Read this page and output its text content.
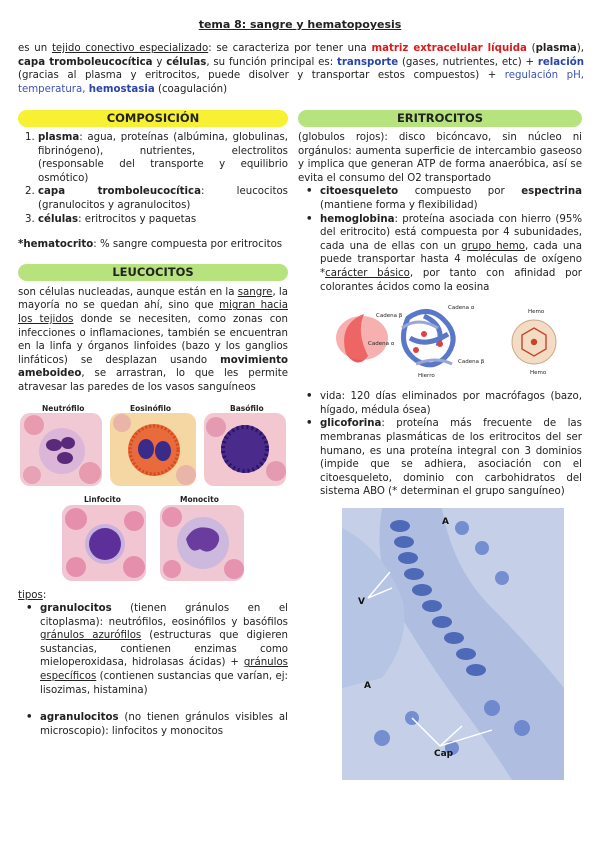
tema 8: sangre y hematopoyesis
es un tejido conectivo especializado: se caracteriza por tener una matriz extracelular líquida (plasma), capa tromboleucocítica y células, su función principal es: transporte (gases, nutrientes, etc) + relación (gracias al plasma y eritrocitos, puede disolver y transportar estos compuestos) + regulación pH, temperatura, hemostasia (coagulación)
COMPOSICIÓN
1. plasma: agua, proteínas (albúmina, globulinas, fibrinógeno), nutrientes, electrolitos (responsable del transporte y equilibrio osmótico)
2. capa tromboleucocítica: leucocitos (granulocitos y agranulocitos)
3. células: eritrocitos y paquetas

*hematocrito: % sangre compuesta por eritrocitos

LEUCOCITOS

son células nucleadas, aunque están en la sangre, la mayoría no se quedan ahí, sino que migran hacia los tejidos donde se necesiten, como zonas con infecciones o inflamaciones, también se encuentran en la linfa y órganos linfoides (bazo y los ganglios linfáticos) se desplazan usando movimiento ameboideo, se arrastran, lo que les permite atravesar las paredes de los vasos sanguíneos

Neutrófilo	Eosinófilo	Basófilo
Linfocito	Monocito

tipos:

• granulocitos (tienen gránulos en el citoplasma): neutrófilos, eosinófilos y basófilos gránulos azurófilos (estructuras que digieren sustancias, contienen enzimas como mieloperoxidasa, hidrolasas ácidas) + gránulos específicos (contienen sustancias que varían, ej: lisozimas, histamina)
• agranulocitos (no tienen gránulos visibles al microscopio): linfocitos y monocitos
ERITROCITOS

(globulos rojos): disco bicóncavo, sin núcleo ni orgánulos: aumenta superficie de intercambio gaseoso y implica que generan ATP de forma anaeróbica, así se evita el consumo del O2 transportado

• citoesqueleto compuesto por espectrina (mantiene forma y flexibilidad)
• hemoglobina: proteína asociada con hierro (95% del eritrocito) está compuesta por 4 subunidades, cada una de ellas con un grupo hemo, cada una puede transportar hasta 4 moléculas de oxígeno *carácter básico, por tanto con afinidad por colorantes ácidos como la eosina
Cadena β
Cadena α
Cadena α
Cadena β
Hierro
Hemo
Hemo
• vida: 120 días eliminados por macrófagos (bazo, hígado, médula ósea)
• glicoforina: proteína más frecuente de las membranas plasmáticas de los eritrocitos del ser humano, es una proteína integral con 3 dominios (impide que se adhiera, asociación con el citoesqueleto, dominio con carbohidratos del sistema ABO (* determinan el grupo sanguíneo)
A
V
A
Cap
